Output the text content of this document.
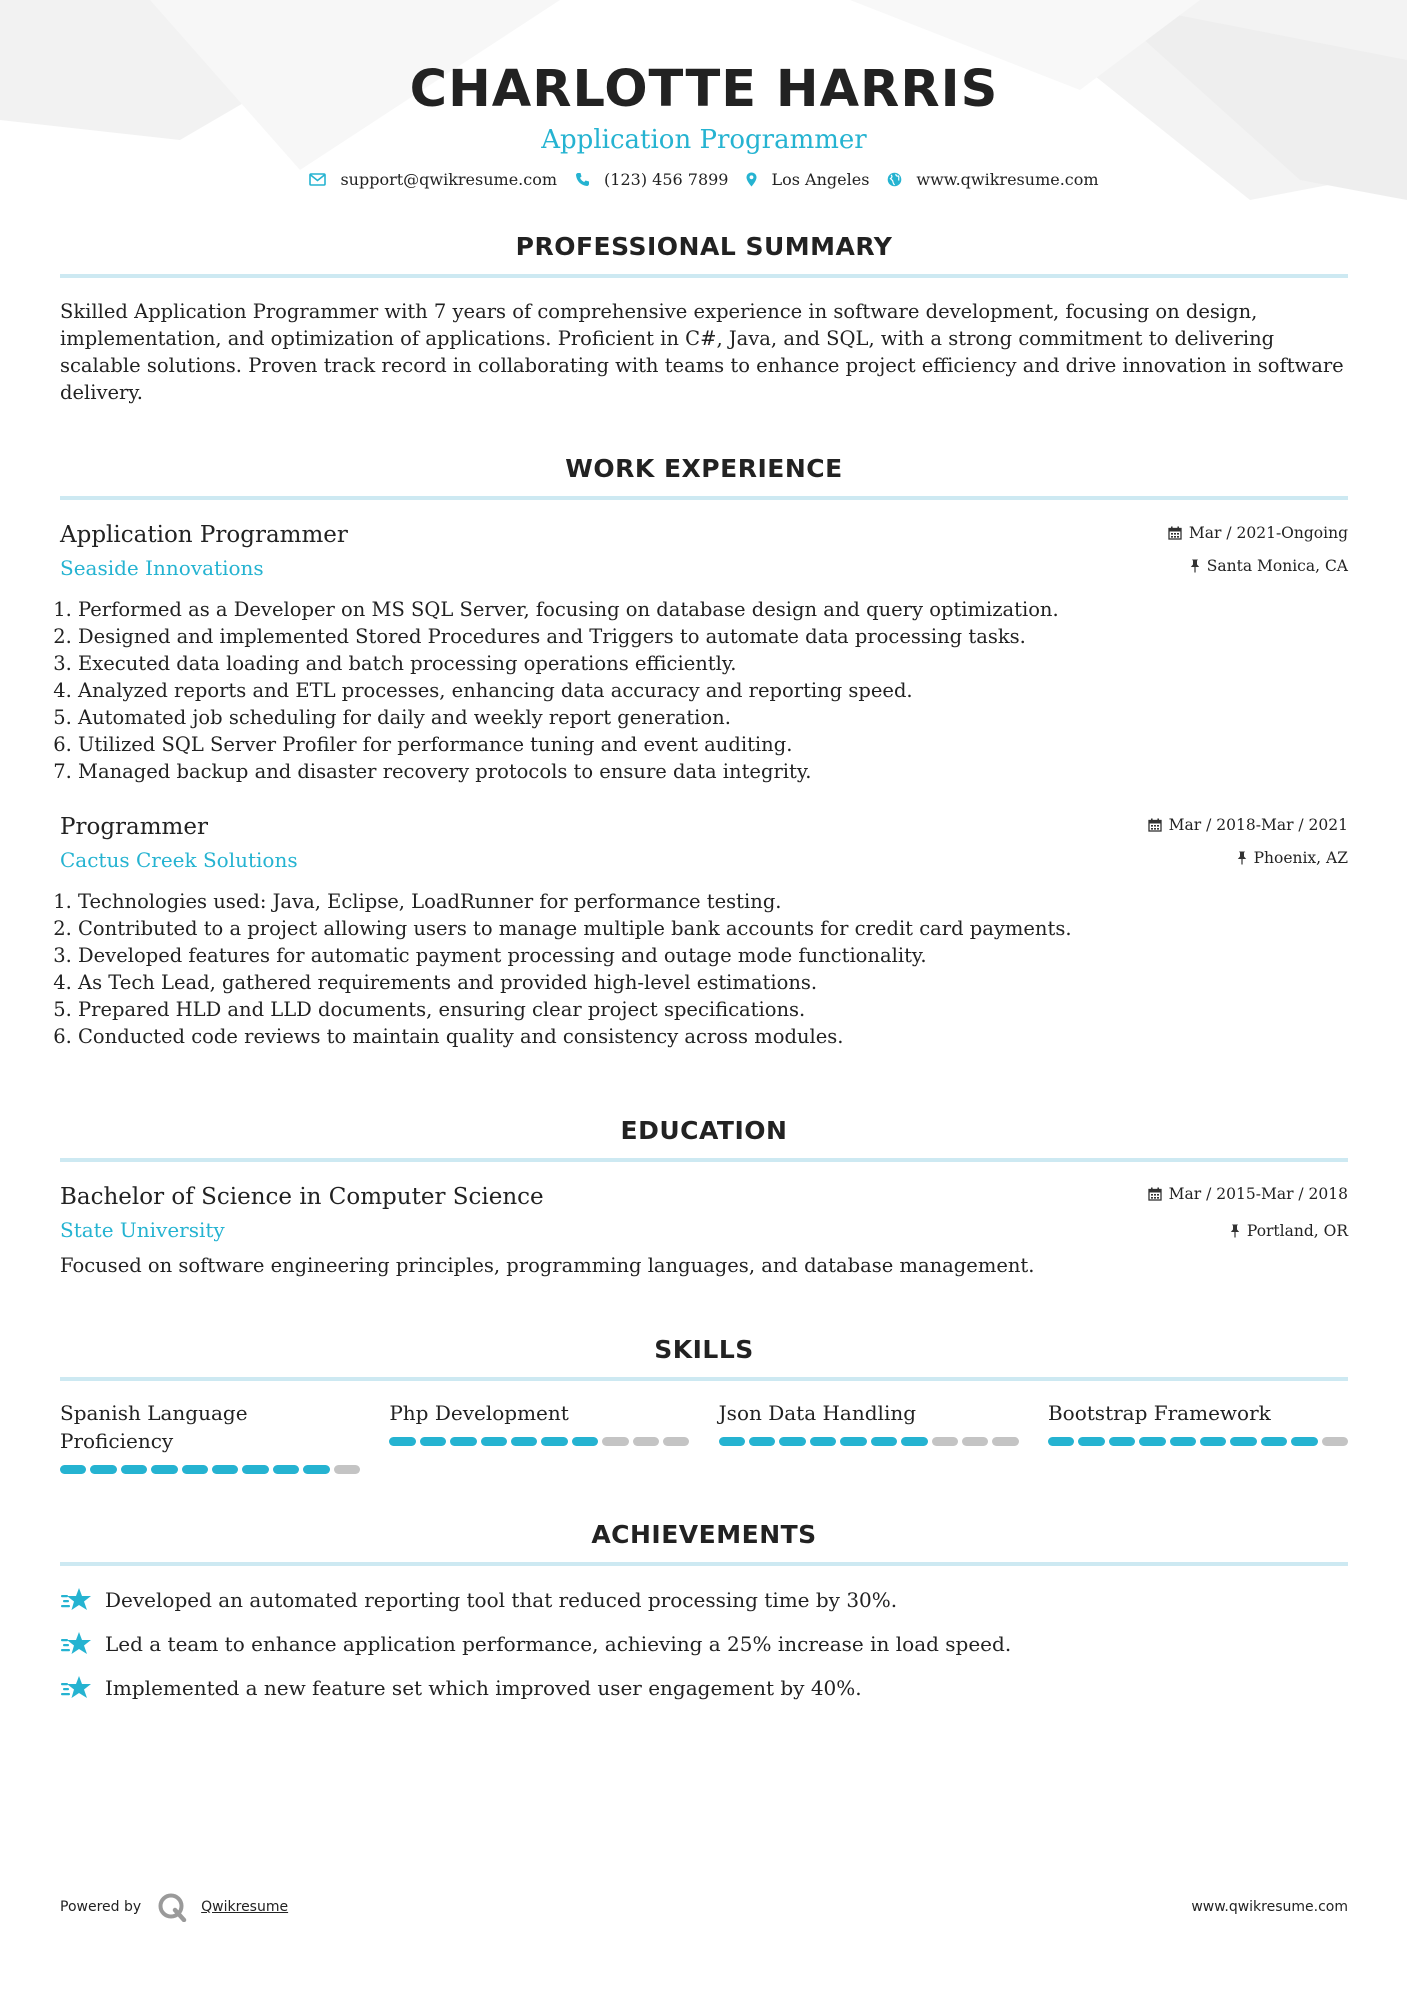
CHARLOTTE HARRIS
Application Programmer
support@qwikresume.com	(123) 456 7899	Los Angeles	www.qwikresume.com
PROFESSIONAL SUMMARY
Skilled Application Programmer with 7 years of comprehensive experience in software development, focusing on design, implementation, and optimization of applications. Proficient in C#, Java, and SQL, with a strong commitment to delivering scalable solutions. Proven track record in collaborating with teams to enhance project efficiency and drive innovation in software delivery.
WORK EXPERIENCE
Application Programmer
Seaside Innovations
Mar / 2021-Ongoing
Santa Monica, CA
1. Performed as a Developer on MS SQL Server, focusing on database design and query optimization.
2. Designed and implemented Stored Procedures and Triggers to automate data processing tasks.
3. Executed data loading and batch processing operations efficiently.
4. Analyzed reports and ETL processes, enhancing data accuracy and reporting speed.
5. Automated job scheduling for daily and weekly report generation.
6. Utilized SQL Server Profiler for performance tuning and event auditing.
7. Managed backup and disaster recovery protocols to ensure data integrity.
Programmer
Cactus Creek Solutions
Mar / 2018-Mar / 2021
Phoenix, AZ
1. Technologies used: Java, Eclipse, LoadRunner for performance testing.
2. Contributed to a project allowing users to manage multiple bank accounts for credit card payments.
3. Developed features for automatic payment processing and outage mode functionality.
4. As Tech Lead, gathered requirements and provided high-level estimations.
5. Prepared HLD and LLD documents, ensuring clear project specifications.
6. Conducted code reviews to maintain quality and consistency across modules.
EDUCATION
Bachelor of Science in Computer Science
State University
Mar / 2015-Mar / 2018
Portland, OR
Focused on software engineering principles, programming languages, and database management.
SKILLS
Spanish Language Proficiency
Php Development	Json Data Handling	Bootstrap Framework
ACHIEVEMENTS
Developed an automated reporting tool that reduced processing time by 30%.
Led a team to enhance application performance, achieving a 25% increase in load speed.
Implemented a new feature set which improved user engagement by 40%.
Powered by	Qwikresume	www.qwikresume.com
